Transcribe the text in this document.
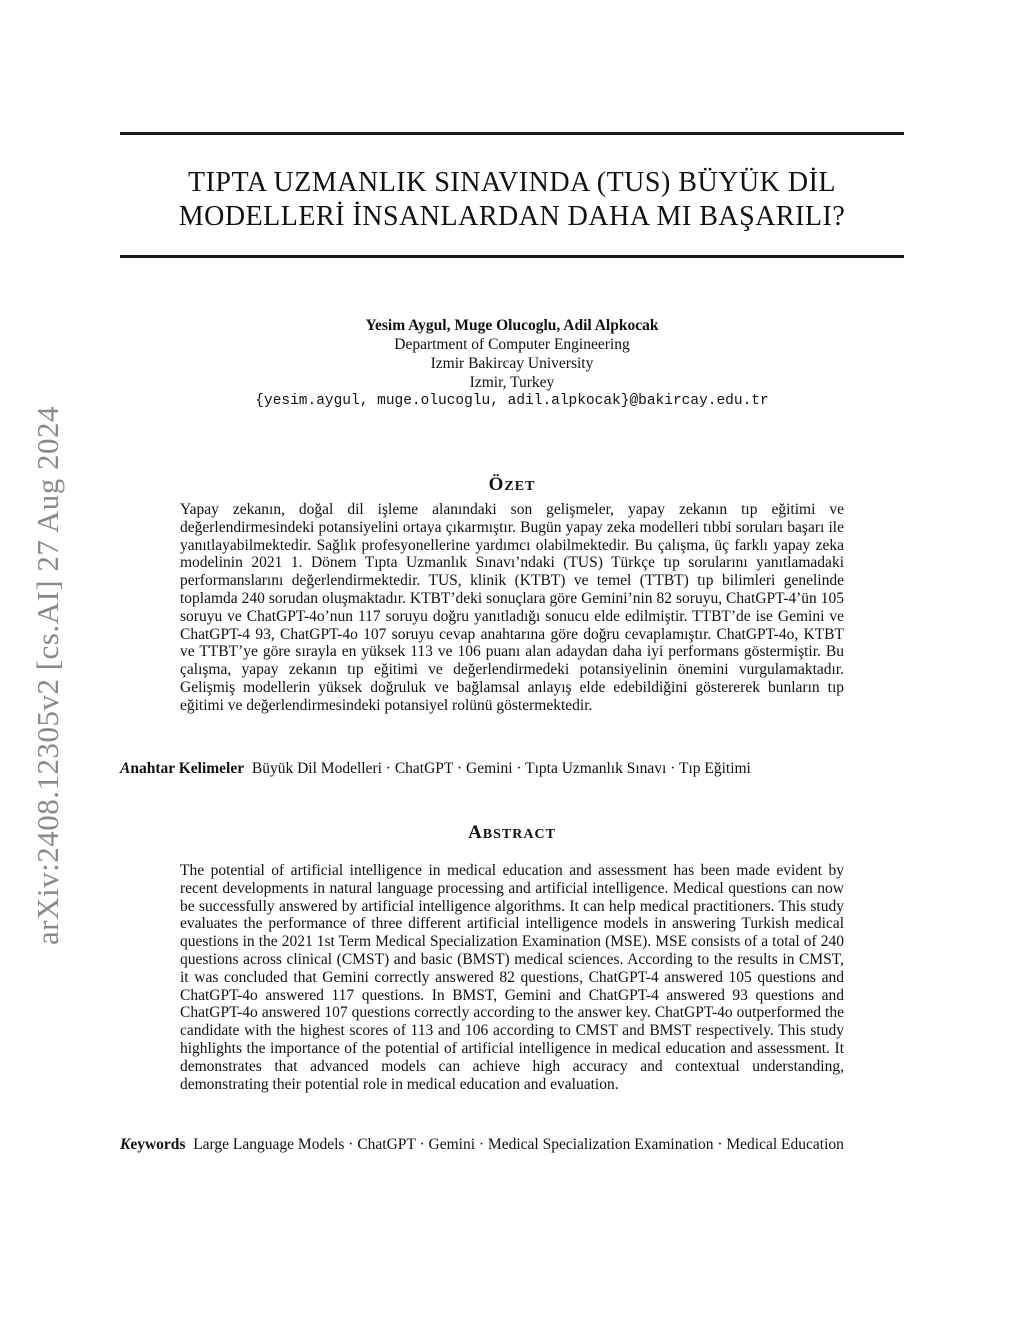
arXiv:2408.12305v2 [cs.AI] 27 Aug 2024
TIPTA UZMANLIK SINAVINDA (TUS) BÜYÜK DİL
MODELLERİ İNSANLARDAN DAHA MI BAŞARILI?
Yesim Aygul, Muge Olucoglu, Adil Alpkocak
Department of Computer Engineering
Izmir Bakircay University
Izmir, Turkey
{yesim.aygul, muge.olucoglu, adil.alpkocak}@bakircay.edu.tr
ÖZET
Yapay zekanın, doğal dil işleme alanındaki son gelişmeler, yapay zekanın tıp eğitimi ve değerlendirmesindeki potansiyelini ortaya çıkarmıştır. Bugün yapay zeka modelleri tıbbi soruları başarı ile yanıtlayabilmektedir. Sağlık profesyonellerine yardımcı olabilmektedir. Bu çalışma, üç farklı yapay zeka modelinin 2021 1. Dönem Tıpta Uzmanlık Sınavı’ndaki (TUS) Türkçe tıp sorularını yanıtlamadaki performanslarını değerlendirmektedir. TUS, klinik (KTBT) ve temel (TTBT) tıp bilimleri genelinde toplamda 240 sorudan oluşmaktadır. KTBT’deki sonuçlara göre Gemini’nin 82 soruyu, ChatGPT-4’ün 105 soruyu ve ChatGPT-4o’nun 117 soruyu doğru yanıtladığı sonucu elde edilmiştir. TTBT’de ise Gemini ve ChatGPT-4 93, ChatGPT-4o 107 soruyu cevap anahtarına göre doğru cevaplamıştır. ChatGPT-4o, KTBT ve TTBT’ye göre sırayla en yüksek 113 ve 106 puanı alan adaydan daha iyi performans göstermiştir. Bu çalışma, yapay zekanın tıp eğitimi ve değerlendirmedeki potansiyelinin önemini vurgulamaktadır. Gelişmiş modellerin yüksek doğruluk ve bağlamsal anlayış elde edebildiğini göstererek bunların tıp eğitimi ve değerlendirmesindeki potansiyel rolünü göstermektedir.
Anahtar Kelimeler Büyük Dil Modelleri · ChatGPT · Gemini · Tıpta Uzmanlık Sınavı · Tıp Eğitimi
ABSTRACT
The potential of artificial intelligence in medical education and assessment has been made evident by recent developments in natural language processing and artificial intelligence. Medical questions can now be successfully answered by artificial intelligence algorithms. It can help medical practitioners. This study evaluates the performance of three different artificial intelligence models in answering Turkish medical questions in the 2021 1st Term Medical Specialization Examination (MSE). MSE consists of a total of 240 questions across clinical (CMST) and basic (BMST) medical sciences. According to the results in CMST, it was concluded that Gemini correctly answered 82 questions, ChatGPT-4 answered 105 questions and ChatGPT-4o answered 117 questions. In BMST, Gemini and ChatGPT-4 answered 93 questions and ChatGPT-4o answered 107 questions correctly according to the answer key. ChatGPT-4o outperformed the candidate with the highest scores of 113 and 106 according to CMST and BMST respectively. This study highlights the importance of the potential of artificial intelligence in medical education and assessment. It demonstrates that advanced models can achieve high accuracy and contextual understanding, demonstrating their potential role in medical education and evaluation.
Keywords Large Language Models · ChatGPT · Gemini · Medical Specialization Examination · Medical Education
